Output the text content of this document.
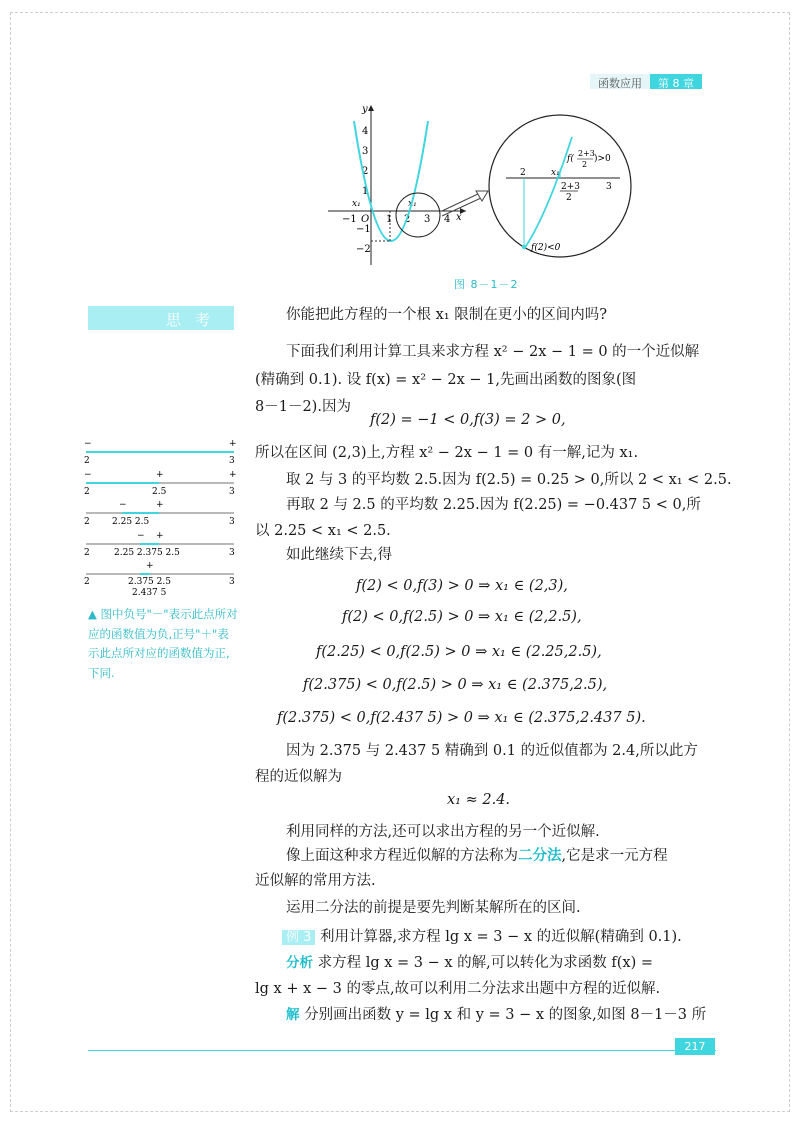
函数应用	第 8 章
y
x
O
4
3
2
1
−1
−2
−1	1 2 3 4
x₁	x₁
2	x₁
2+3
2
3
f(
2+3
2
)>0
f(2)<0
图 8－1－2
思考
−	+
2	3
−	+	+
2	2.5	3
−	+
2 2.25 2.5	3
− +
2	2.25 2.375 2.5	3
+
2	2.375 2.5
2.437 5
3
▲ 图中负号"－"表示此点所对应的函数值为负,正号"＋"表示此点所对应的函数值为正,下同.
你能把此方程的一个根 x₁ 限制在更小的区间内吗?
下面我们利用计算工具来求方程 x² − 2x − 1 = 0 的一个近似解
(精确到 0.1). 设 f(x) = x² − 2x − 1,先画出函数的图象(图
8－1－2).因为
f(2) = −1 < 0,f(3) = 2 > 0,
所以在区间 (2,3)上,方程 x² − 2x − 1 = 0 有一解,记为 x₁.
取 2 与 3 的平均数 2.5.因为 f(2.5) = 0.25 > 0,所以 2 < x₁ < 2.5.
再取 2 与 2.5 的平均数 2.25.因为 f(2.25) = −0.437 5 < 0,所
以 2.25 < x₁ < 2.5.
如此继续下去,得
f(2) < 0,f(3) > 0 ⇒ x₁ ∈ (2,3),
f(2) < 0,f(2.5) > 0 ⇒ x₁ ∈ (2,2.5),
f(2.25) < 0,f(2.5) > 0 ⇒ x₁ ∈ (2.25,2.5),
f(2.375) < 0,f(2.5) > 0 ⇒ x₁ ∈ (2.375,2.5),
f(2.375) < 0,f(2.437 5) > 0 ⇒ x₁ ∈ (2.375,2.437 5).
因为 2.375 与 2.437 5 精确到 0.1 的近似值都为 2.4,所以此方
程的近似解为
x₁ ≈ 2.4.
利用同样的方法,还可以求出方程的另一个近似解.
像上面这种求方程近似解的方法称为二分法,它是求一元方程
近似解的常用方法.
运用二分法的前提是要先判断某解所在的区间.
例 3 利用计算器,求方程 lg x = 3 − x 的近似解(精确到 0.1).
分析 求方程 lg x = 3 − x 的解,可以转化为求函数 f(x) =
lg x + x − 3 的零点,故可以利用二分法求出题中方程的近似解.
解 分别画出函数 y = lg x 和 y = 3 − x 的图象,如图 8－1－3 所
217
